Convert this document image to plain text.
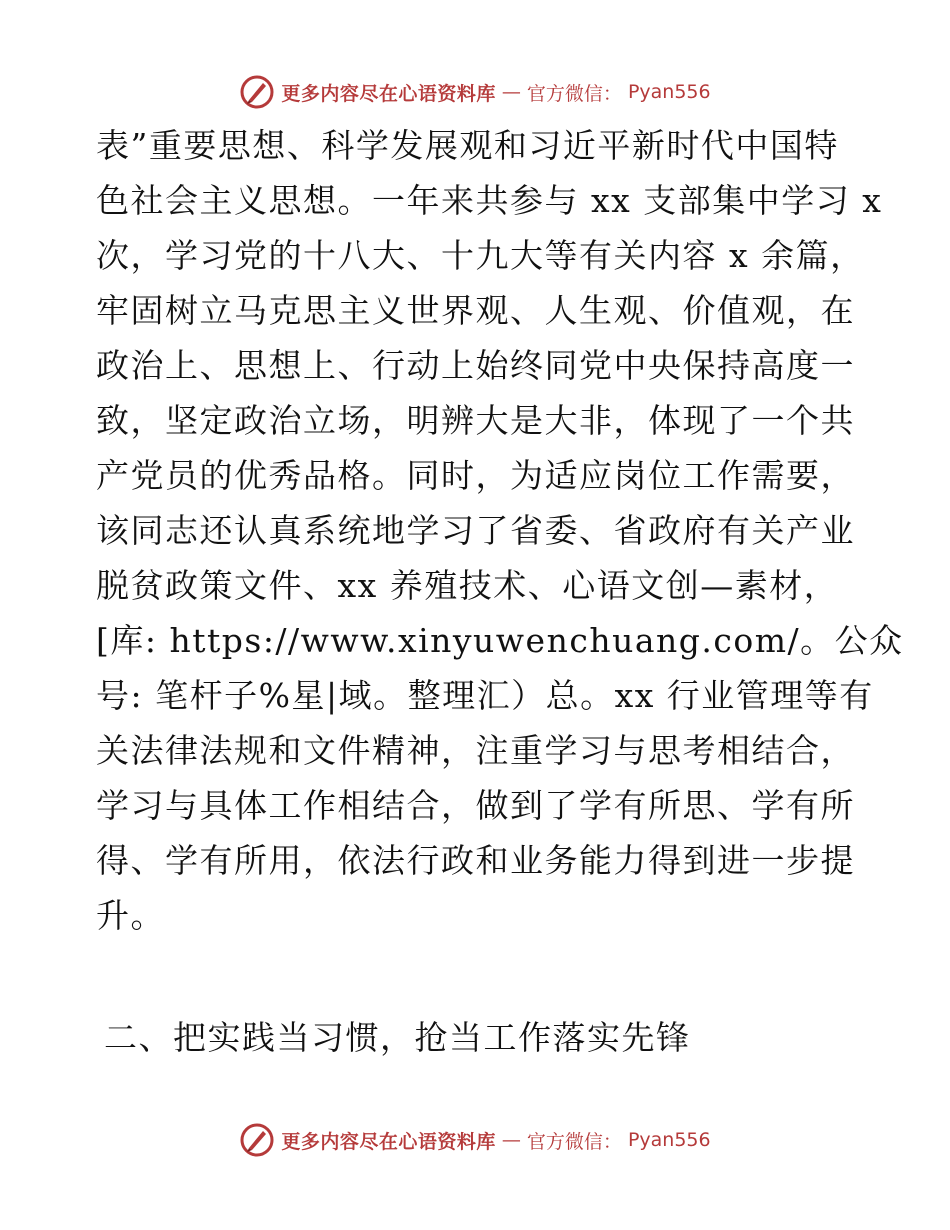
更多内容尽在心语资料库 — 官方微信： Pyan556
表”重要思想、科学发展观和习近平新时代中国特
色社会主义思想。一年来共参与 xx 支部集中学习 x
次，学习党的十八大、十九大等有关内容 x 余篇，
牢固树立马克思主义世界观、人生观、价值观，在
政治上、思想上、行动上始终同党中央保持高度一
致，坚定政治立场，明辨大是大非，体现了一个共
产党员的优秀品格。同时，为适应岗位工作需要，
该同志还认真系统地学习了省委、省政府有关产业
脱贫政策文件、xx 养殖技术、心语文创—素材，
[库: https://www.xinyuwenchuang.com/。公众
号: 笔杆子%星|域。整理汇）总。xx 行业管理等有
关法律法规和文件精神，注重学习与思考相结合，
学习与具体工作相结合，做到了学有所思、学有所
得、学有所用，依法行政和业务能力得到进一步提
升。
二、把实践当习惯，抢当工作落实先锋
更多内容尽在心语资料库 — 官方微信： Pyan556
